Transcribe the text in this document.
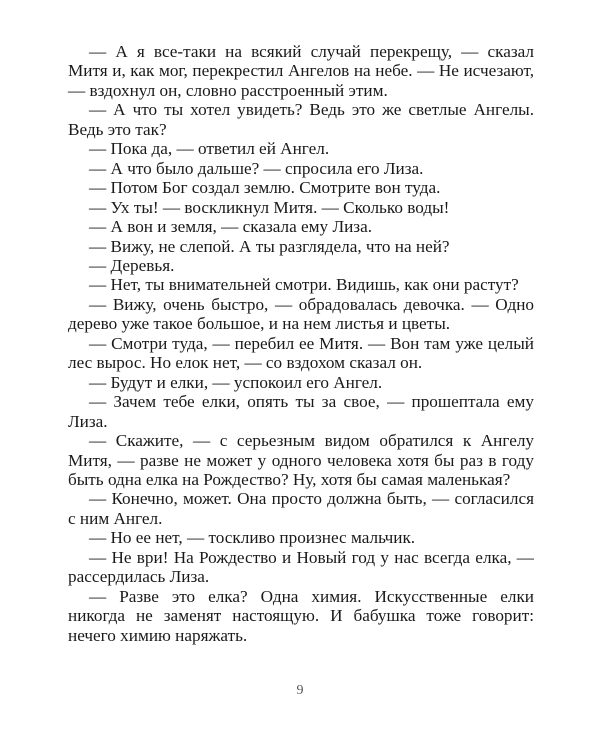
— А я все-таки на всякий случай перекрещу, — сказал Митя и, как мог, перекрестил Ангелов на небе. — Не исчезают, — вздохнул он, словно расстроенный этим.

— А что ты хотел увидеть? Ведь это же светлые Ангелы. Ведь это так?

— Пока да, — ответил ей Ангел.

— А что было дальше? — спросила его Лиза.

— Потом Бог создал землю. Смотрите вон туда.

— Ух ты! — воскликнул Митя. — Сколько воды!

— А вон и земля, — сказала ему Лиза.

— Вижу, не слепой. А ты разглядела, что на ней?

— Деревья.

— Нет, ты внимательней смотри. Видишь, как они растут?

— Вижу, очень быстро, — обрадовалась девочка. — Одно дерево уже такое большое, и на нем листья и цветы.

— Смотри туда, — перебил ее Митя. — Вон там уже целый лес вырос. Но елок нет, — со вздохом сказал он.

— Будут и елки, — успокоил его Ангел.

— Зачем тебе елки, опять ты за свое, — прошептала ему Лиза.

— Скажите, — с серьезным видом обратился к Ангелу Митя, — разве не может у одного человека хотя бы раз в году быть одна елка на Рождество? Ну, хотя бы самая маленькая?

— Конечно, может. Она просто должна быть, — согласился с ним Ангел.

— Но ее нет, — тоскливо произнес мальчик.

— Не ври! На Рождество и Новый год у нас всегда елка, — рассердилась Лиза.

— Разве это елка? Одна химия. Искусственные елки никогда не заменят настоящую. И бабушка тоже говорит: нечего химию наряжать.

9
